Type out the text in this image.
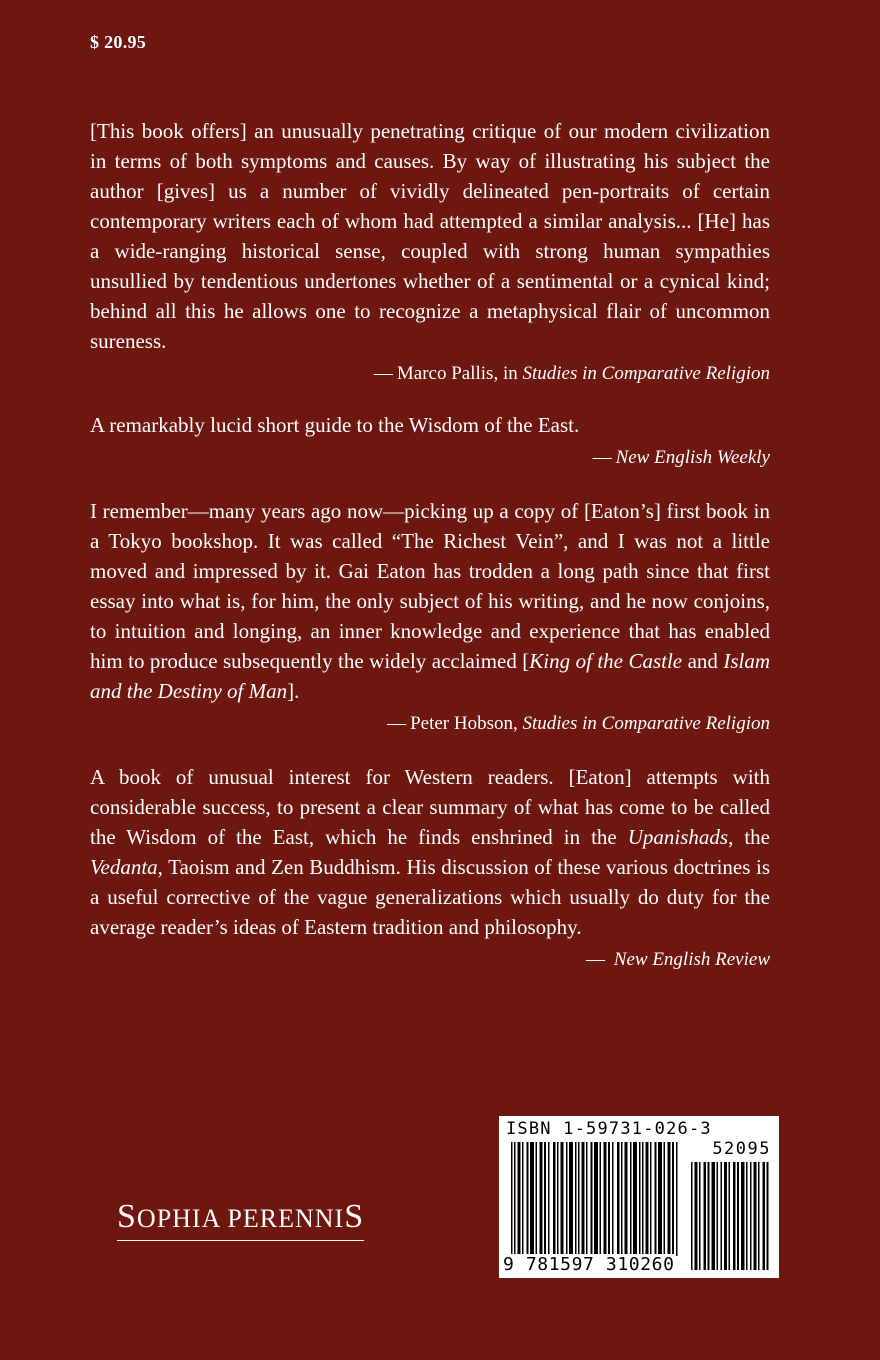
$ 20.95

[This book offers] an unusually penetrating critique of our modern civilization in terms of both symptoms and causes. By way of illustrating his subject the author [gives] us a number of vividly delineated pen-portraits of certain contemporary writers each of whom had attempted a similar analysis... [He] has a wide-ranging historical sense, coupled with strong human sympathies unsullied by tendentious undertones whether of a sentimental or a cynical kind; behind all this he allows one to recognize a metaphysical flair of uncommon sureness.

— Marco Pallis, in Studies in Comparative Religion

A remarkably lucid short guide to the Wisdom of the East.

— New English Weekly

I remember—many years ago now—picking up a copy of [Eaton’s] first book in a Tokyo bookshop. It was called “The Richest Vein”, and I was not a little moved and impressed by it. Gai Eaton has trodden a long path since that first essay into what is, for him, the only subject of his writing, and he now conjoins, to intuition and longing, an inner knowledge and experience that has enabled him to produce subsequently the widely acclaimed [King of the Castle and Islam and the Destiny of Man].

— Peter Hobson, Studies in Comparative Religion

A book of unusual interest for Western readers. [Eaton] attempts with considerable success, to present a clear summary of what has come to be called the Wisdom of the East, which he finds enshrined in the Upanishads, the Vedanta, Taoism and Zen Buddhism. His discussion of these various doctrines is a useful corrective of the vague generalizations which usually do duty for the average reader’s ideas of Eastern tradition and philosophy.

— New English Review

SOPHIA PERENNIS
ISBN 1-59731-026-3
52095
9 781597 310260
